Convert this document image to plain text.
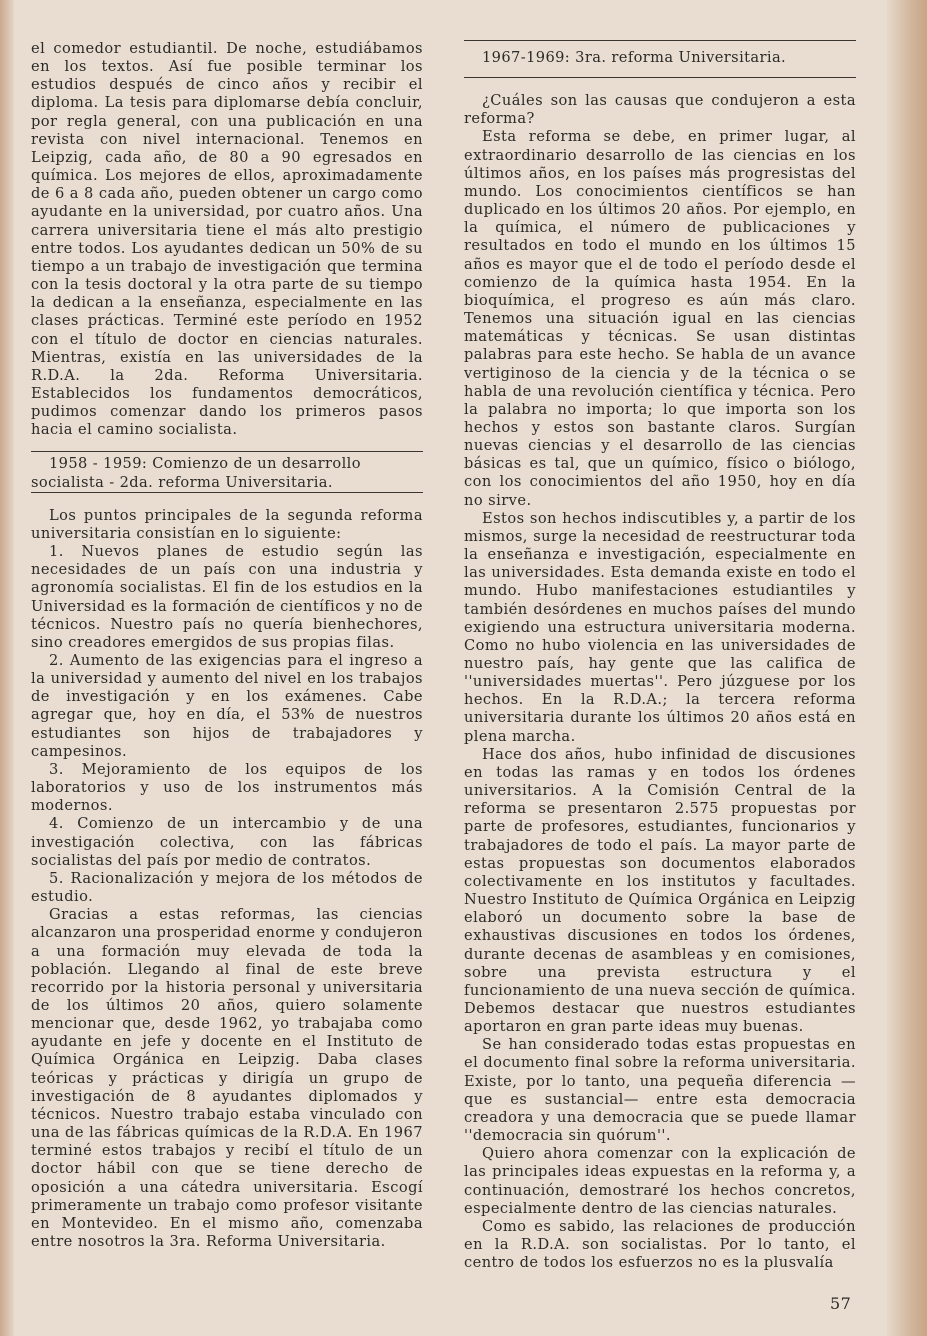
el comedor estudiantil. De noche, estudiábamos en los textos. Así fue posible terminar los estudios después de cinco años y recibir el diploma. La tesis para diplomarse debía concluir, por regla general, con una publicación en una revista con nivel internacional. Tenemos en Leipzig, cada año, de 80 a 90 egresados en química. Los mejores de ellos, aproximadamente de 6 a 8 cada año, pueden obtener un cargo como ayudante en la universidad, por cuatro años. Una carrera universitaria tiene el más alto prestigio entre todos. Los ayudantes dedican un 50% de su tiempo a un trabajo de investigación que termina con la tesis doctoral y la otra parte de su tiempo la dedican a la enseñanza, especialmente en las clases prácticas. Terminé este período en 1952 con el título de doctor en ciencias naturales. Mientras, existía en las universidades de la R.D.A. la 2da. Reforma Universitaria. Establecidos los fundamentos democráticos, pudimos comenzar dando los primeros pasos hacia el camino socialista.

1958 - 1959: Comienzo de un desarrollo socialista - 2da. reforma Universitaria.

Los puntos principales de la segunda reforma universitaria consistían en lo siguiente:

1. Nuevos planes de estudio según las necesidades de un país con una industria y agronomía socialistas. El fin de los estudios en la Universidad es la formación de científicos y no de técnicos. Nuestro país no quería bienhechores, sino creadores emergidos de sus propias filas.

2. Aumento de las exigencias para el ingreso a la universidad y aumento del nivel en los trabajos de investigación y en los exámenes. Cabe agregar que, hoy en día, el 53% de nuestros estudiantes son hijos de trabajadores y campesinos.

3. Mejoramiento de los equipos de los laboratorios y uso de los instrumentos más modernos.

4. Comienzo de un intercambio y de una investigación colectiva, con las fábricas socialistas del país por medio de contratos.

5. Racionalización y mejora de los métodos de estudio.

Gracias a estas reformas, las ciencias alcanzaron una prosperidad enorme y condujeron a una formación muy elevada de toda la población. Llegando al final de este breve recorrido por la historia personal y universitaria de los últimos 20 años, quiero solamente mencionar que, desde 1962, yo trabajaba como ayudante en jefe y docente en el Instituto de Química Orgánica en Leipzig. Daba clases teóricas y prácticas y dirigía un grupo de investigación de 8 ayudantes diplomados y técnicos. Nuestro trabajo estaba vinculado con una de las fábricas químicas de la R.D.A. En 1967 terminé estos trabajos y recibí el título de un doctor hábil con que se tiene derecho de oposición a una cátedra universitaria. Escogí primeramente un trabajo como profesor visitante en Montevideo. En el mismo año, comenzaba entre nosotros la 3ra. Reforma Universitaria.

1967-1969: 3ra. reforma Universitaria.

¿Cuáles son las causas que condujeron a esta reforma?

Esta reforma se debe, en primer lugar, al extraordinario desarrollo de las ciencias en los últimos años, en los países más progresistas del mundo. Los conocimientos científicos se han duplicado en los últimos 20 años. Por ejemplo, en la química, el número de publicaciones y resultados en todo el mundo en los últimos 15 años es mayor que el de todo el período desde el comienzo de la química hasta 1954. En la bioquímica, el progreso es aún más claro. Tenemos una situación igual en las ciencias matemáticas y técnicas. Se usan distintas palabras para este hecho. Se habla de un avance vertiginoso de la ciencia y de la técnica o se habla de una revolución científica y técnica. Pero la palabra no importa; lo que importa son los hechos y estos son bastante claros. Surgían nuevas ciencias y el desarrollo de las ciencias básicas es tal, que un químico, físico o biólogo, con los conocimientos del año 1950, hoy en día no sirve.

Estos son hechos indiscutibles y, a partir de los mismos, surge la necesidad de reestructurar toda la enseñanza e investigación, especialmente en las universidades. Esta demanda existe en todo el mundo. Hubo manifestaciones estudiantiles y también desórdenes en muchos países del mundo exigiendo una estructura universitaria moderna. Como no hubo violencia en las universidades de nuestro país, hay gente que las califica de ''universidades muertas''. Pero júzguese por los hechos. En la R.D.A.; la tercera reforma universitaria durante los últimos 20 años está en plena marcha.

Hace dos años, hubo infinidad de discusiones en todas las ramas y en todos los órdenes universitarios. A la Comisión Central de la reforma se presentaron 2.575 propuestas por parte de profesores, estudiantes, funcionarios y trabajadores de todo el país. La mayor parte de estas propuestas son documentos elaborados colectivamente en los institutos y facultades. Nuestro Instituto de Química Orgánica en Leipzig elaboró un documento sobre la base de exhaustivas discusiones en todos los órdenes, durante decenas de asambleas y en comisiones, sobre una prevista estructura y el funcionamiento de una nueva sección de química. Debemos destacar que nuestros estudiantes aportaron en gran parte ideas muy buenas.

Se han considerado todas estas propuestas en el documento final sobre la reforma universitaria. Existe, por lo tanto, una pequeña diferencia —que es sustancial— entre esta democracia creadora y una democracia que se puede llamar ''democracia sin quórum''.

Quiero ahora comenzar con la explicación de las principales ideas expuestas en la reforma y, a continuación, demostraré los hechos concretos, especialmente dentro de las ciencias naturales.

Como es sabido, las relaciones de producción en la R.D.A. son socialistas. Por lo tanto, el centro de todos los esfuerzos no es la plusvalía

57
